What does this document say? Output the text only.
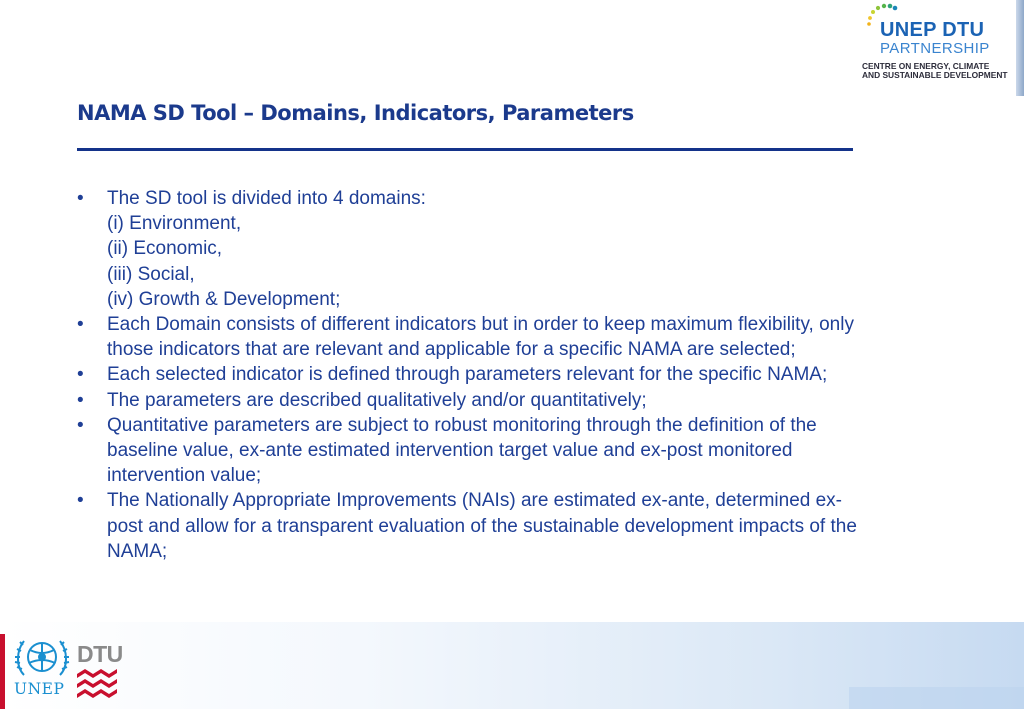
UNEP DTU
PARTNERSHIP
CENTRE ON ENERGY, CLIMATE
AND SUSTAINABLE DEVELOPMENT
NAMA SD Tool – Domains, Indicators, Parameters
• The SD tool is divided into 4 domains:
(i) Environment,
(ii) Economic,
(iii) Social,
(iv) Growth & Development;
• Each Domain consists of different indicators but in order to keep maximum flexibility, only those indicators that are relevant and applicable for a specific NAMA are selected;
• Each selected indicator is defined through parameters relevant for the specific NAMA;
• The parameters are described qualitatively and/or quantitatively;
• Quantitative parameters are subject to robust monitoring through the definition of the baseline value, ex-ante estimated intervention target value and ex-post monitored intervention value;
• The Nationally Appropriate Improvements (NAIs) are estimated ex-ante, determined ex-post and allow for a transparent evaluation of the sustainable development impacts of the NAMA;
UNEP
DTU
